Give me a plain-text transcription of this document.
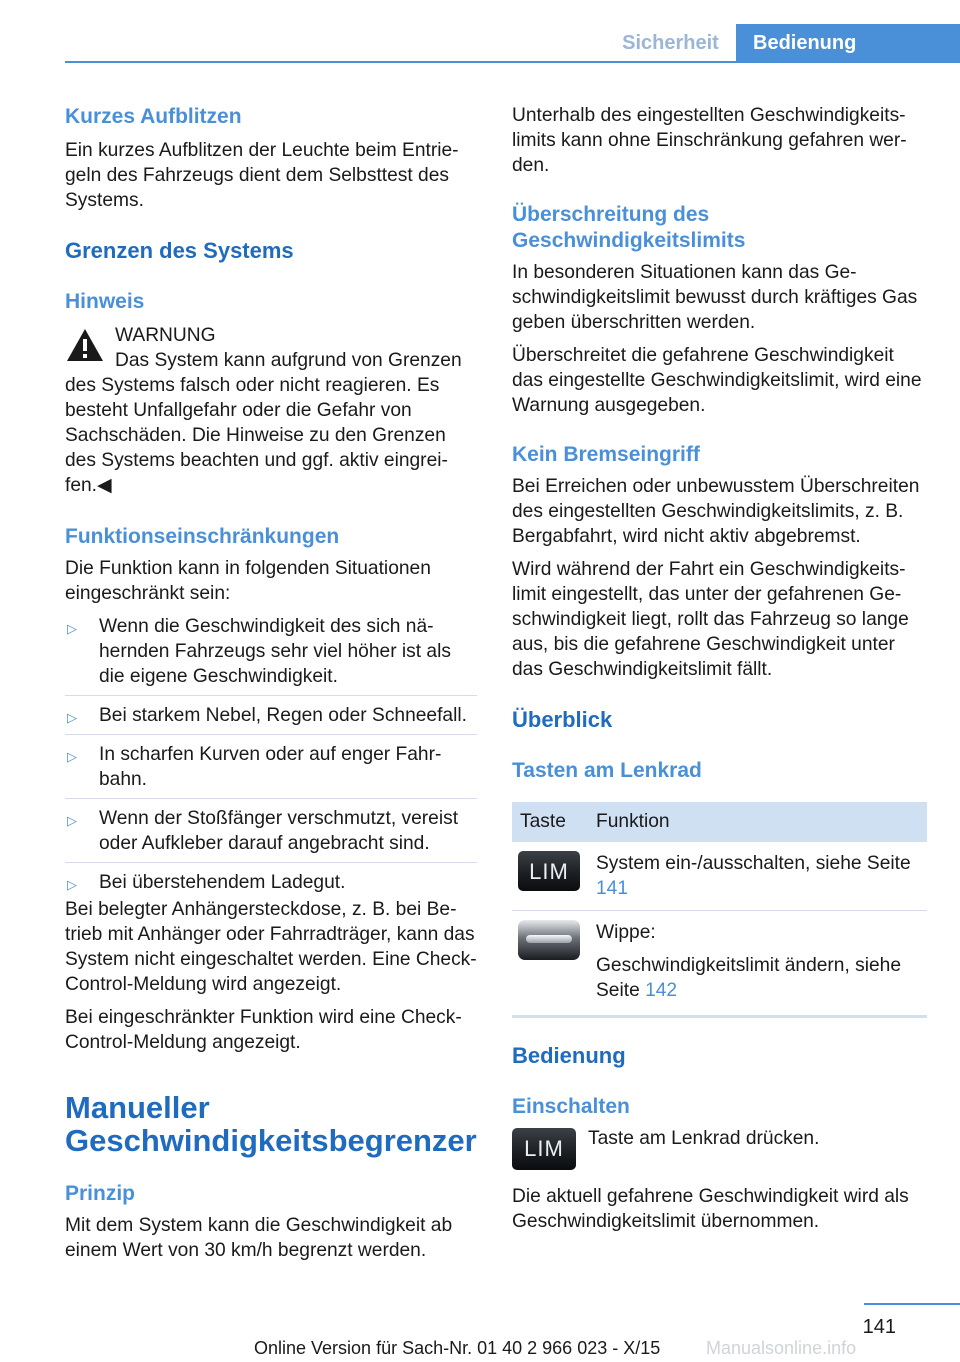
Sicherheit	Bedienung
Kurzes Aufblitzen
Ein kurzes Aufblitzen der Leuchte beim Entriegeln des Fahrzeugs dient dem Selbsttest des Systems.
Grenzen des Systems
Hinweis
WARNUNG
Das System kann aufgrund von Grenzen des Systems falsch oder nicht reagieren. Es besteht Unfallgefahr oder die Gefahr von Sachschäden. Die Hinweise zu den Grenzen des Systems beachten und ggf. aktiv eingreifen.◀
Funktionseinschränkungen
Die Funktion kann in folgenden Situationen eingeschränkt sein:
▷ Wenn die Geschwindigkeit des sich nähernden Fahrzeugs sehr viel höher ist als die eigene Geschwindigkeit.
▷ Bei starkem Nebel, Regen oder Schneefall.
▷ In scharfen Kurven oder auf enger Fahrbahn.
▷ Wenn der Stoßfänger verschmutzt, vereist oder Aufkleber darauf angebracht sind.
▷ Bei überstehendem Ladegut.
Bei belegter Anhängersteckdose, z. B. bei Betrieb mit Anhänger oder Fahrradträger, kann das System nicht eingeschaltet werden. Eine Check-Control-Meldung wird angezeigt.
Bei eingeschränkter Funktion wird eine Check-Control-Meldung angezeigt.
Manueller Geschwindigkeitsbegrenzer
Prinzip
Mit dem System kann die Geschwindigkeit ab einem Wert von 30 km/h begrenzt werden.
Unterhalb des eingestellten Geschwindigkeitslimits kann ohne Einschränkung gefahren werden.
Überschreitung des Geschwindigkeitslimits
In besonderen Situationen kann das Geschwindigkeitslimit bewusst durch kräftiges Gas geben überschritten werden.
Überschreitet die gefahrene Geschwindigkeit das eingestellte Geschwindigkeitslimit, wird eine Warnung ausgegeben.
Kein Bremseingriff
Bei Erreichen oder unbewusstem Überschreiten des eingestellten Geschwindigkeitslimits, z. B. Bergabfahrt, wird nicht aktiv abgebremst.
Wird während der Fahrt ein Geschwindigkeitslimit eingestellt, das unter der gefahrenen Geschwindigkeit liegt, rollt das Fahrzeug so lange aus, bis die gefahrene Geschwindigkeit unter das Geschwindigkeitslimit fällt.
Überblick
Tasten am Lenkrad
Taste	Funktion

LIM	System ein-/ausschalten, siehe Seite 141

	Wippe:
Geschwindigkeitslimit ändern, siehe Seite 142
Bedienung
Einschalten
LIM	Taste am Lenkrad drücken.
Die aktuell gefahrene Geschwindigkeit wird als Geschwindigkeitslimit übernommen.
141
Online Version für Sach-Nr. 01 40 2 966 023 - X/15	Manualsonline.info
